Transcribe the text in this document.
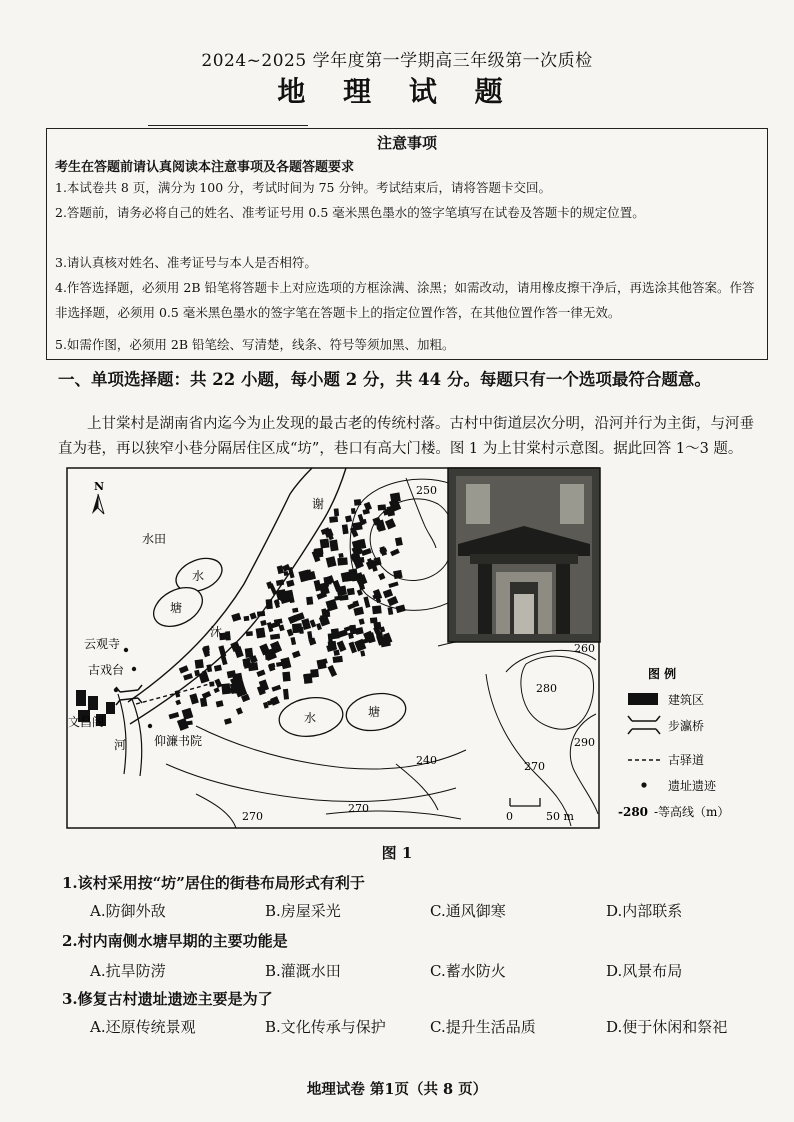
2024~2025 学年度第一学期高三年级第一次质检
地 理 试 题
注意事项
考生在答题前请认真阅读本注意事项及各题答题要求
1.本试卷共 8 页，满分为 100 分，考试时间为 75 分钟。考试结束后，请将答题卡交回。
2.答题前，请务必将自己的姓名、准考证号用 0.5 毫米黑色墨水的签字笔填写在试卷及答题卡的规定位置。
3.请认真核对姓名、准考证号与本人是否相符。
4.作答选择题，必须用 2B 铅笔将答题卡上对应选项的方框涂满、涂黑；如需改动，请用橡皮擦干净后，再选涂其他答案。作答非选择题，必须用 0.5 毫米黑色墨水的签字笔在答题卡上的指定位置作答，在其他位置作答一律无效。
5.如需作图，必须用 2B 铅笔绘、写清楚，线条、符号等须加黑、加粗。
一、单项选择题：共 22 小题，每小题 2 分，共 44 分。每题只有一个选项最符合题意。
上甘棠村是湖南省内迄今为止发现的最古老的传统村落。古村中街道层次分明，沿河并行为主街，与河垂直为巷，再以狭窄小巷分隔居住区成“坊”，巷口有高大门楼。图 1 为上甘棠村示意图。据此回答 1～3 题。
N	250
260
280
290
240	270
270
270
水田
水
塘
云观寺
古戏台
文昌阁
河 仰濂书院
谢
沐
水	塘
0	50 m
图 例
建筑区
步瀛桥
古驿道
遗址遗迹
-280 -等高线（m）
图 1
1.该村采用按“坊”居住的街巷布局形式有利于
A.防御外敌	B.房屋采光	C.通风御寒	D.内部联系
2.村内南侧水塘早期的主要功能是
A.抗旱防涝	B.灌溉水田	C.蓄水防火	D.风景布局
3.修复古村遗址遗迹主要是为了
A.还原传统景观	B.文化传承与保护	C.提升生活品质	D.便于休闲和祭祀
地理试卷 第1页（共 8 页）
